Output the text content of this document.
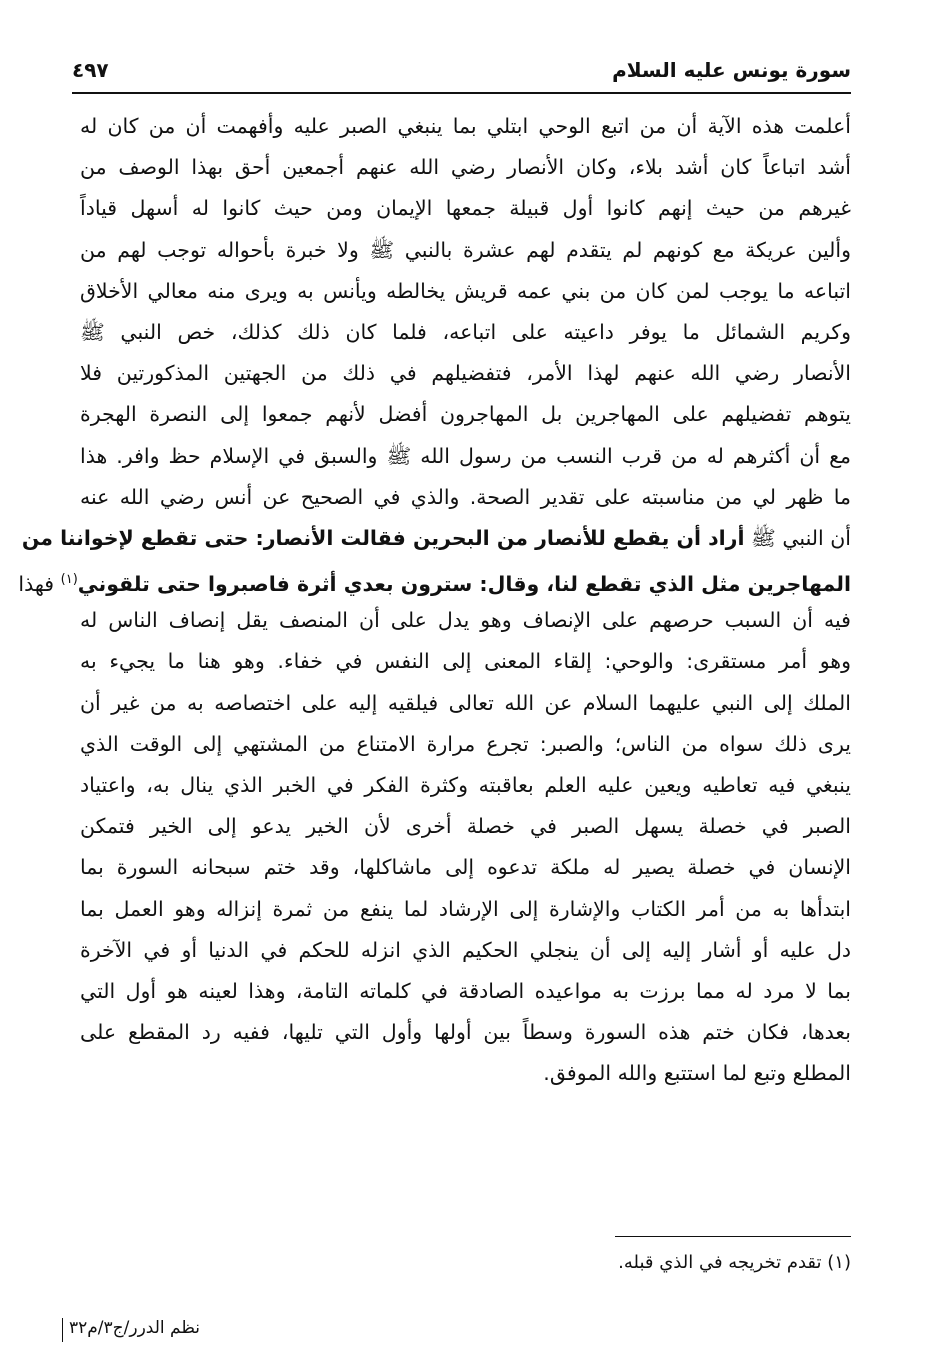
سورة يونس عليه السلام
٤٩٧
أعلمت هذه الآية أن من اتبع الوحي ابتلي بما ينبغي الصبر عليه وأفهمت أن من كان له
أشد اتباعاً كان أشد بلاء، وكان الأنصار رضي الله عنهم أجمعين أحق بهذا الوصف من
غيرهم من حيث إنهم كانوا أول قبيلة جمعها الإيمان ومن حيث كانوا له أسهل قياداً
وألين عريكة مع كونهم لم يتقدم لهم عشرة بالنبي ﷺ ولا خبرة بأحواله توجب لهم من
اتباعه ما يوجب لمن كان من بني عمه قريش يخالطه ويأنس به ويرى منه معالي الأخلاق
وكريم الشمائل ما يوفر داعيته على اتباعه، فلما كان ذلك كذلك، خص النبي ﷺ
الأنصار رضي الله عنهم لهذا الأمر، فتفضيلهم في ذلك من الجهتين المذكورتين فلا
يتوهم تفضيلهم على المهاجرين بل المهاجرون أفضل لأنهم جمعوا إلى النصرة الهجرة
مع أن أكثرهم له من قرب النسب من رسول الله ﷺ والسبق في الإسلام حظ وافر. هذا
ما ظهر لي من مناسبته على تقدير الصحة. والذي في الصحيح عن أنس رضي الله عنه
أن النبي ﷺ أراد أن يقطع للأنصار من البحرين فقالت الأنصار: حتى تقطع لإخواننا من
المهاجرين مثل الذي تقطع لنا، وقال: سترون بعدي أثرة فاصبروا حتى تلقوني$^{(١)}$ فهذا
فيه أن السبب حرصهم على الإنصاف وهو يدل على أن المنصف يقل إنصاف الناس له
وهو أمر مستقرى: والوحي: إلقاء المعنى إلى النفس في خفاء. وهو هنا ما يجيء به
الملك إلى النبي عليهما السلام عن الله تعالى فيلقيه إليه على اختصاصه به من غير أن
يرى ذلك سواه من الناس؛ والصبر: تجرع مرارة الامتناع من المشتهي إلى الوقت الذي
ينبغي فيه تعاطيه ويعين عليه العلم بعاقبته وكثرة الفكر في الخبر الذي ينال به، واعتياد
الصبر في خصلة يسهل الصبر في خصلة أخرى لأن الخير يدعو إلى الخير فتمكن
الإنسان في خصلة يصير له ملكة تدعوه إلى ماشاكلها، وقد ختم سبحانه السورة بما
ابتدأها به من أمر الكتاب والإشارة إلى الإرشاد لما ينفع من ثمرة إنزاله وهو العمل بما
دل عليه أو أشار إليه إلى أن ينجلي الحكيم الذي انزله للحكم في الدنيا أو في الآخرة
بما لا مرد له مما برزت به مواعيده الصادقة في كلماته التامة، وهذا لعينه هو أول التي
بعدها، فكان ختم هذه السورة وسطاً بين أولها وأول التي تليها، ففيه رد المقطع على
المطلع وتبع لما استتبع والله الموفق.
(١) تقدم تخريجه في الذي قبله.
نظم الدرر/ج٣/م٣٢
